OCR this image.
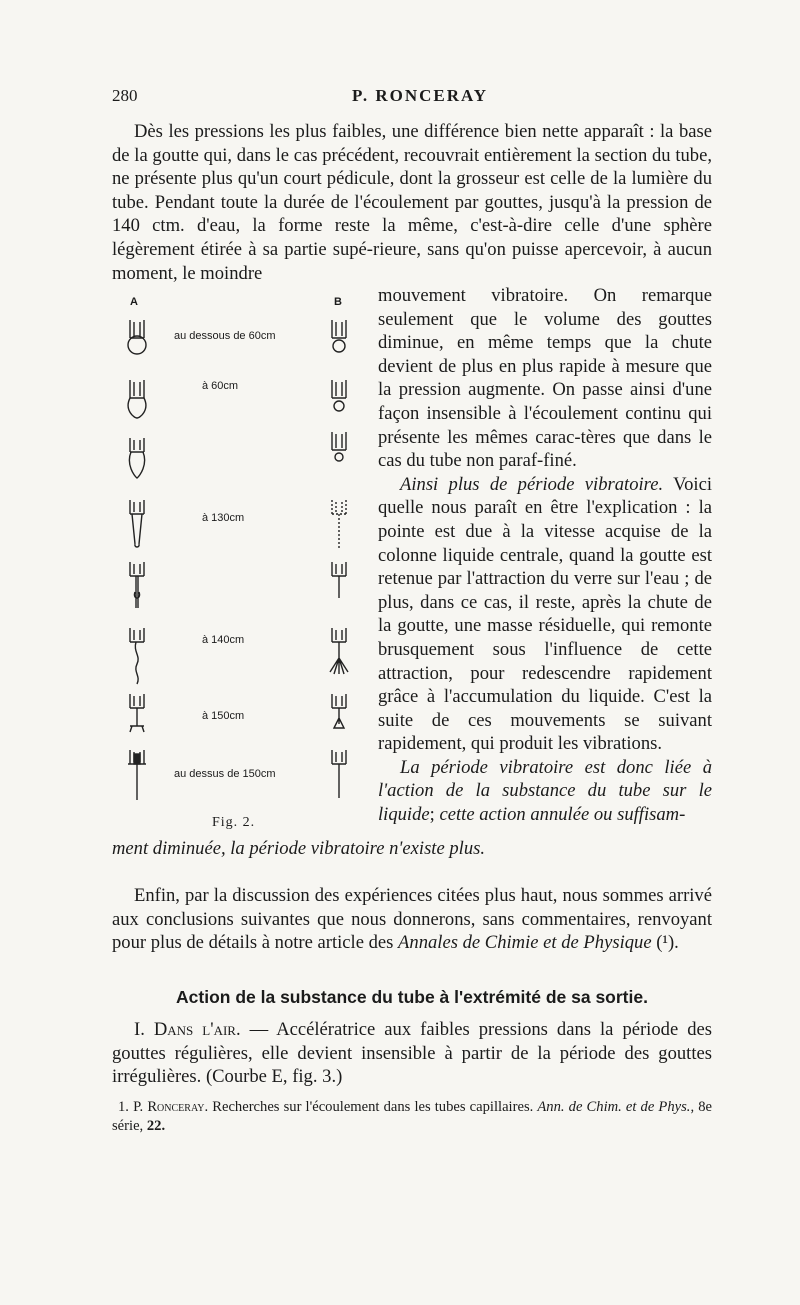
280	P. RONCERAY

Dès les pressions les plus faibles, une différence bien nette apparaît : la base de la goutte qui, dans le cas précédent, recouvrait entièrement la section du tube, ne présente plus qu'un court pédicule, dont la grosseur est celle de la lumière du tube. Pendant toute la durée de l'écoulement par gouttes, jusqu'à la pression de 140 ctm. d'eau, la forme reste la même, c'est-à-dire celle d'une sphère légèrement étirée à sa partie supé-rieure, sans qu'on puisse apercevoir, à aucun moment, le moindre

A	B
au dessous de 60cm
à 60cm
à 130cm
à 140cm
à 150cm
au dessus de 150cm
Fig. 2.

mouvement vibratoire. On remarque seulement que le volume des gouttes diminue, en même temps que la chute devient de plus en plus rapide à mesure que la pression augmente. On passe ainsi d'une façon insensible à l'écoulement continu qui présente les mêmes carac-tères que dans le cas du tube non paraf-finé.

Ainsi plus de période vibratoire. Voici quelle nous paraît en être l'explication : la pointe est due à la vitesse acquise de la colonne liquide centrale, quand la goutte est retenue par l'attraction du verre sur l'eau ; de plus, dans ce cas, il reste, après la chute de la goutte, une masse résiduelle, qui remonte brusquement sous l'influence de cette attraction, pour redescendre rapidement grâce à l'accumulation du liquide. C'est la suite de ces mouvements se suivant rapidement, qui produit les vibrations.

La période vibratoire est donc liée à l'action de la substance du tube sur le liquide; cette action annulée ou suffisam-

ment diminuée, la période vibratoire n'existe plus.

Enfin, par la discussion des expériences citées plus haut, nous sommes arrivé aux conclusions suivantes que nous donnerons, sans commentaires, renvoyant pour plus de détails à notre article des Annales de Chimie et de Physique (¹).

Action de la substance du tube à l'extrémité de sa sortie.

I. Dans l'air. — Accélératrice aux faibles pressions dans la période des gouttes régulières, elle devient insensible à partir de la période des gouttes irrégulières. (Courbe E, fig. 3.)

1. P. Ronceray. Recherches sur l'écoulement dans les tubes capillaires. Ann. de Chim. et de Phys., 8e série, 22.
